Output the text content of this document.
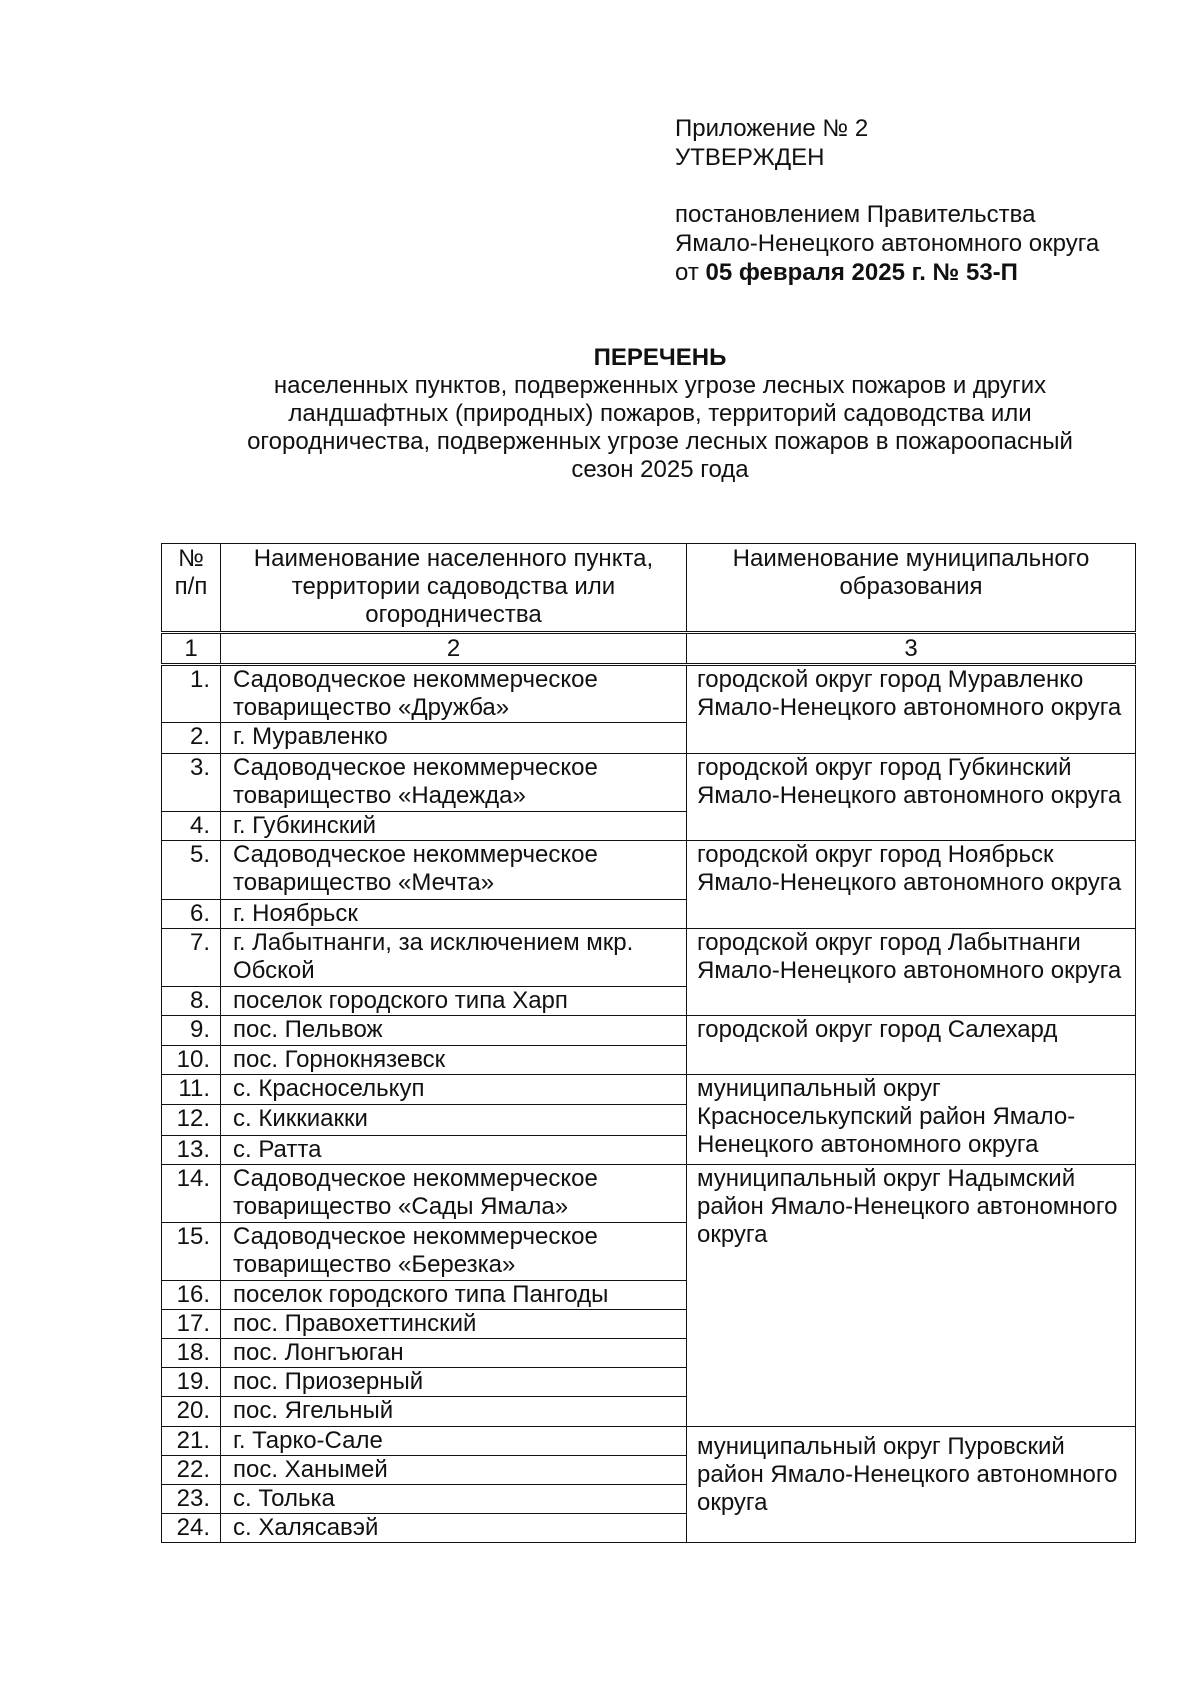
Приложение № 2
УТВЕРЖДЕН
постановлением Правительства
Ямало-Ненецкого автономного округа
от 05 февраля 2025 г. № 53-П
ПЕРЕЧЕНЬ
населенных пунктов, подверженных угрозе лесных пожаров и других
ландшафтных (природных) пожаров, территорий садоводства или
огородничества, подверженных угрозе лесных пожаров в пожароопасный
сезон 2025 года
№ п/п	Наименование населенного пункта, территории садоводства или огородничества	Наименование муниципального образования
1	2	3
1.	Садоводческое некоммерческое товарищество «Дружба»	городской округ город Муравленко Ямало-Ненецкого автономного округа
2.	г. Муравленко	
3.	Садоводческое некоммерческое товарищество «Надежда»	городской округ город Губкинский Ямало-Ненецкого автономного округа
4.	г. Губкинский	
5.	Садоводческое некоммерческое товарищество «Мечта»	городской округ город Ноябрьск Ямало-Ненецкого автономного округа
6.	г. Ноябрьск	
7.	г. Лабытнанги, за исключением мкр. Обской	городской округ город Лабытнанги Ямало-Ненецкого автономного округа
8.	поселок городского типа Харп	
9.	пос. Пельвож	городской округ город Салехард
10.	пос. Горнокнязевск	
11.	с. Красноселькуп	муниципальный округ Красноселькупский район Ямало-Ненецкого автономного округа
12.	с. Киккиакки	
13.	с. Ратта	
14.	Садоводческое некоммерческое товарищество «Сады Ямала»	муниципальный округ Надымский район Ямало-Ненецкого автономного округа
15.	Садоводческое некоммерческое товарищество «Березка»	
16.	поселок городского типа Пангоды	
17.	пос. Правохеттинский	
18.	пос. Лонгъюган	
19.	пос. Приозерный	
20.	пос. Ягельный	
21.	г. Тарко-Сале	муниципальный округ Пуровский район Ямало-Ненецкого автономного округа
22.	пос. Ханымей	
23.	с. Толька	
24.	с. Халясавэй	
